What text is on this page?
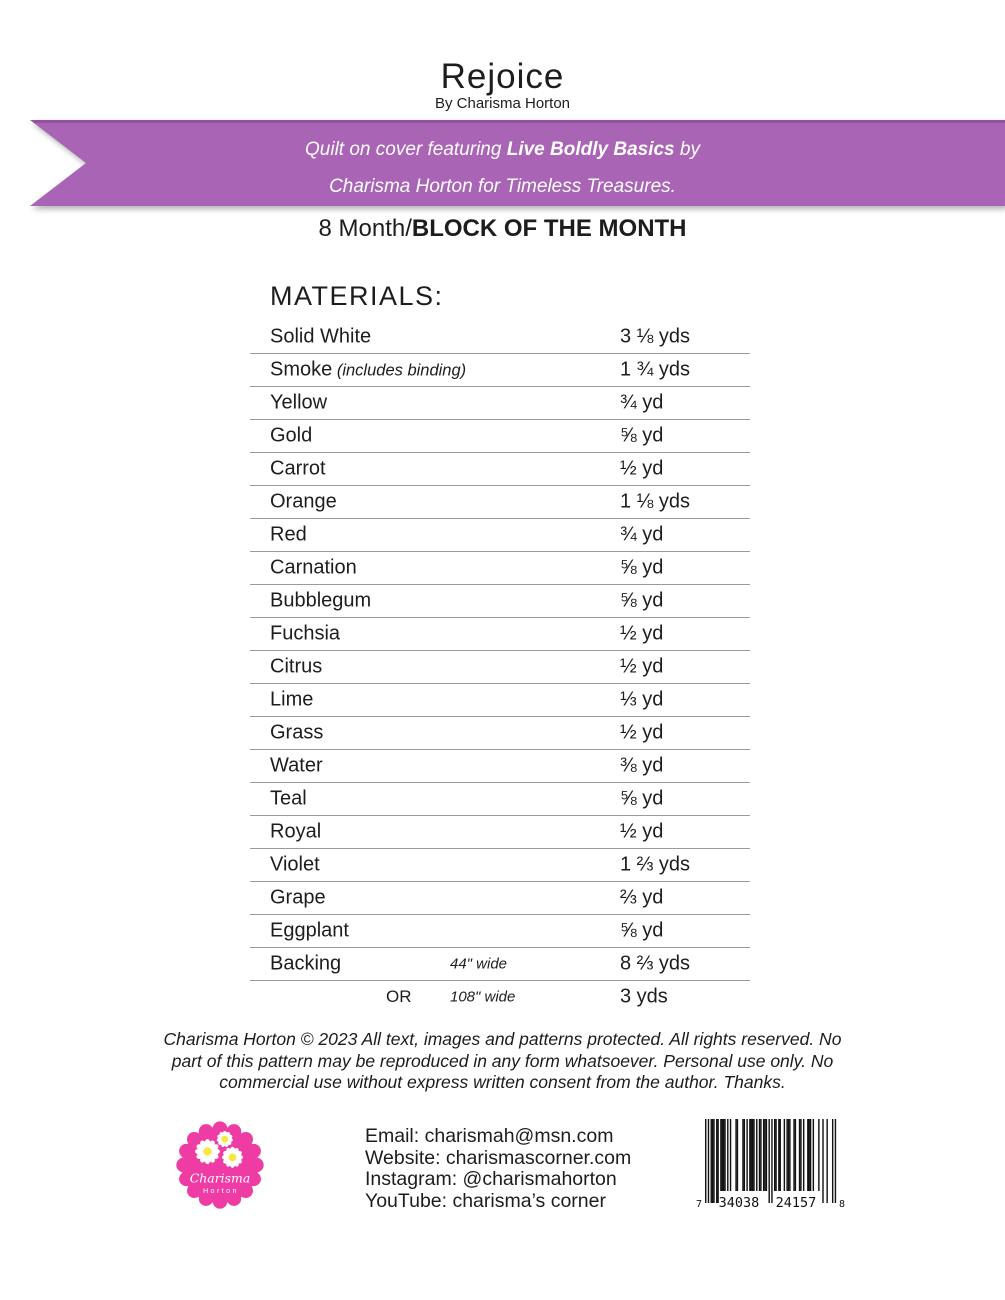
Rejoice
By Charisma Horton
Quilt on cover featuring Live Boldly Basics by
Charisma Horton for Timeless Treasures.
8 Month/BLOCK OF THE MONTH
MATERIALS:
Solid White	3 ⅛ yds
Smoke (includes binding)	1 ¾ yds
Yellow	¾ yd
Gold	⅝ yd
Carrot	½ yd
Orange	1 ⅛ yds
Red	¾ yd
Carnation	⅝ yd
Bubblegum	⅝ yd
Fuchsia	½ yd
Citrus	½ yd
Lime	⅓ yd
Grass	½ yd
Water	⅜ yd
Teal	⅝ yd
Royal	½ yd
Violet	1 ⅔ yds
Grape	⅔ yd
Eggplant	⅝ yd
Backing	44" wide	8 ⅔ yds
OR	108" wide	3 yds
Charisma Horton © 2023 All text, images and patterns protected. All rights reserved. No
part of this pattern may be reproduced in any form whatsoever. Personal use only. No
commercial use without express written consent from the author. Thanks.
Charisma
Horton
Email: charismah@msn.com
Website: charismascorner.com
Instagram: @charismahorton
YouTube: charisma’s corner	7 34038 24157 8
